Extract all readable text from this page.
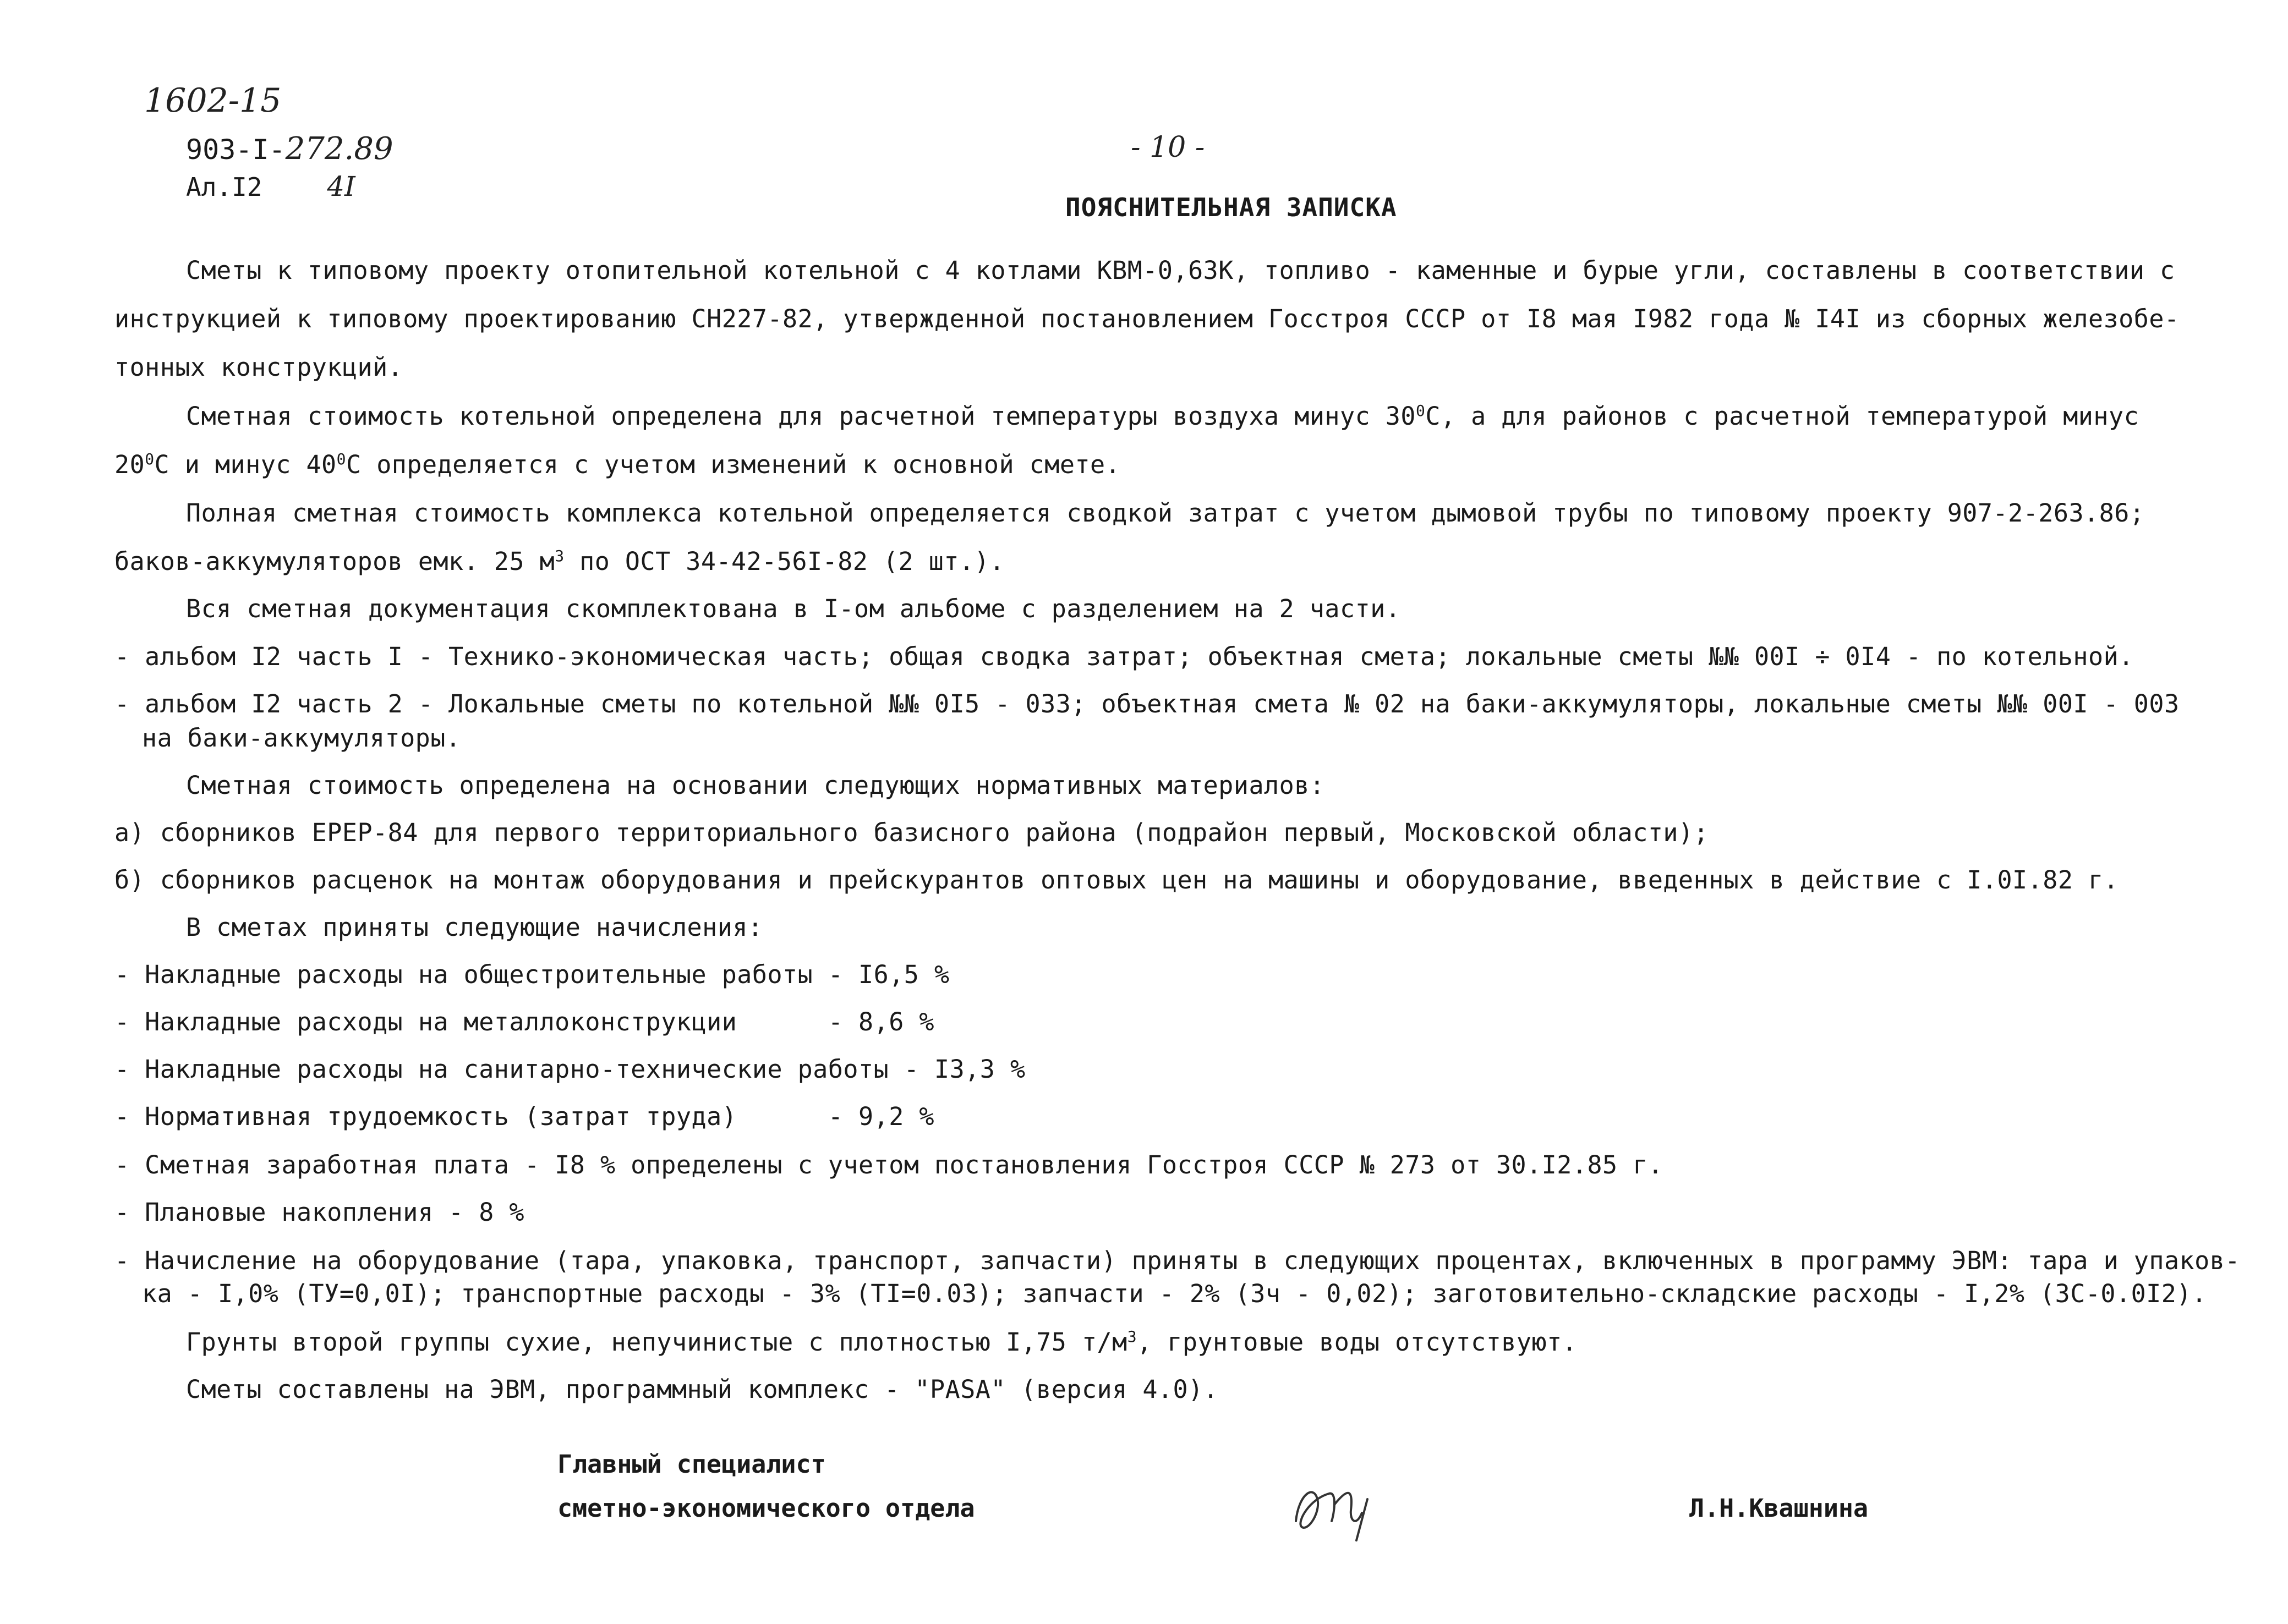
1602-15
903-I-272.89
Ал.I2 4I
- 10 -
ПОЯСНИТЕЛЬНАЯ ЗАПИСКА
Сметы к типовому проекту отопительной котельной с 4 котлами КВМ-0,63К, топливо - каменные и бурые угли, составлены в соответствии с
инструкцией к типовому проектированию СН227-82, утвержденной постановлением Госстроя СССР от I8 мая I982 года № I4I из сборных железобе-
тонных конструкций.
Сметная стоимость котельной определена для расчетной температуры воздуха минус $30^0С$, а для районов с расчетной температурой минус
$20^0С$ и минус $40^0С$ определяется с учетом изменений к основной смете.
Полная сметная стоимость комплекса котельной определяется сводкой затрат с учетом дымовой трубы по типовому проекту 907-2-263.86;
баков-аккумуляторов емк. 25 $м^3$ по ОСТ 34-42-56I-82 (2 шт.).
Вся сметная документация скомплектована в I-ом альбоме с разделением на 2 части.
- альбом I2 часть I - Технико-экономическая часть; общая сводка затрат; объектная смета; локальные сметы №№ 00I ÷ 0I4 - по котельной.
- альбом I2 часть 2 - Локальные сметы по котельной №№ 0I5 - 033; объектная смета № 02 на баки-аккумуляторы, локальные сметы №№ 00I - 003
на баки-аккумуляторы.
Сметная стоимость определена на основании следующих нормативных материалов:
а) сборников ЕРЕР-84 для первого территориального базисного района (подрайон первый, Московской области);
б) сборников расценок на монтаж оборудования и прейскурантов оптовых цен на машины и оборудование, введенных в действие с I.0I.82 г.
В сметах приняты следующие начисления:
- Накладные расходы на общестроительные работы - I6,5 %
- Накладные расходы на металлоконструкции      - 8,6 %
- Накладные расходы на санитарно-технические работы - I3,3 %
- Нормативная трудоемкость (затрат труда)      - 9,2 %
- Сметная заработная плата - I8 % определены с учетом постановления Госстроя СССР № 273 от 30.I2.85 г.
- Плановые накопления - 8 %
- Начисление на оборудование (тара, упаковка, транспорт, запчасти) приняты в следующих процентах, включенных в программу ЭВМ: тара и упаков-
ка - I,0% (ТУ=0,0I); транспортные расходы - 3% (ТI=0.03); запчасти - 2% (Зч - 0,02); заготовительно-складские расходы - I,2% (ЗС-0.0I2).
Грунты второй группы сухие, непучинистые с плотностью I,75 $т/м^3$, грунтовые воды отсутствуют.
Сметы составлены на ЭВМ, программный комплекс - "РАSА" (версия 4.0).
Главный специалист
сметно-экономического отдела	Л.Н.Квашнина
